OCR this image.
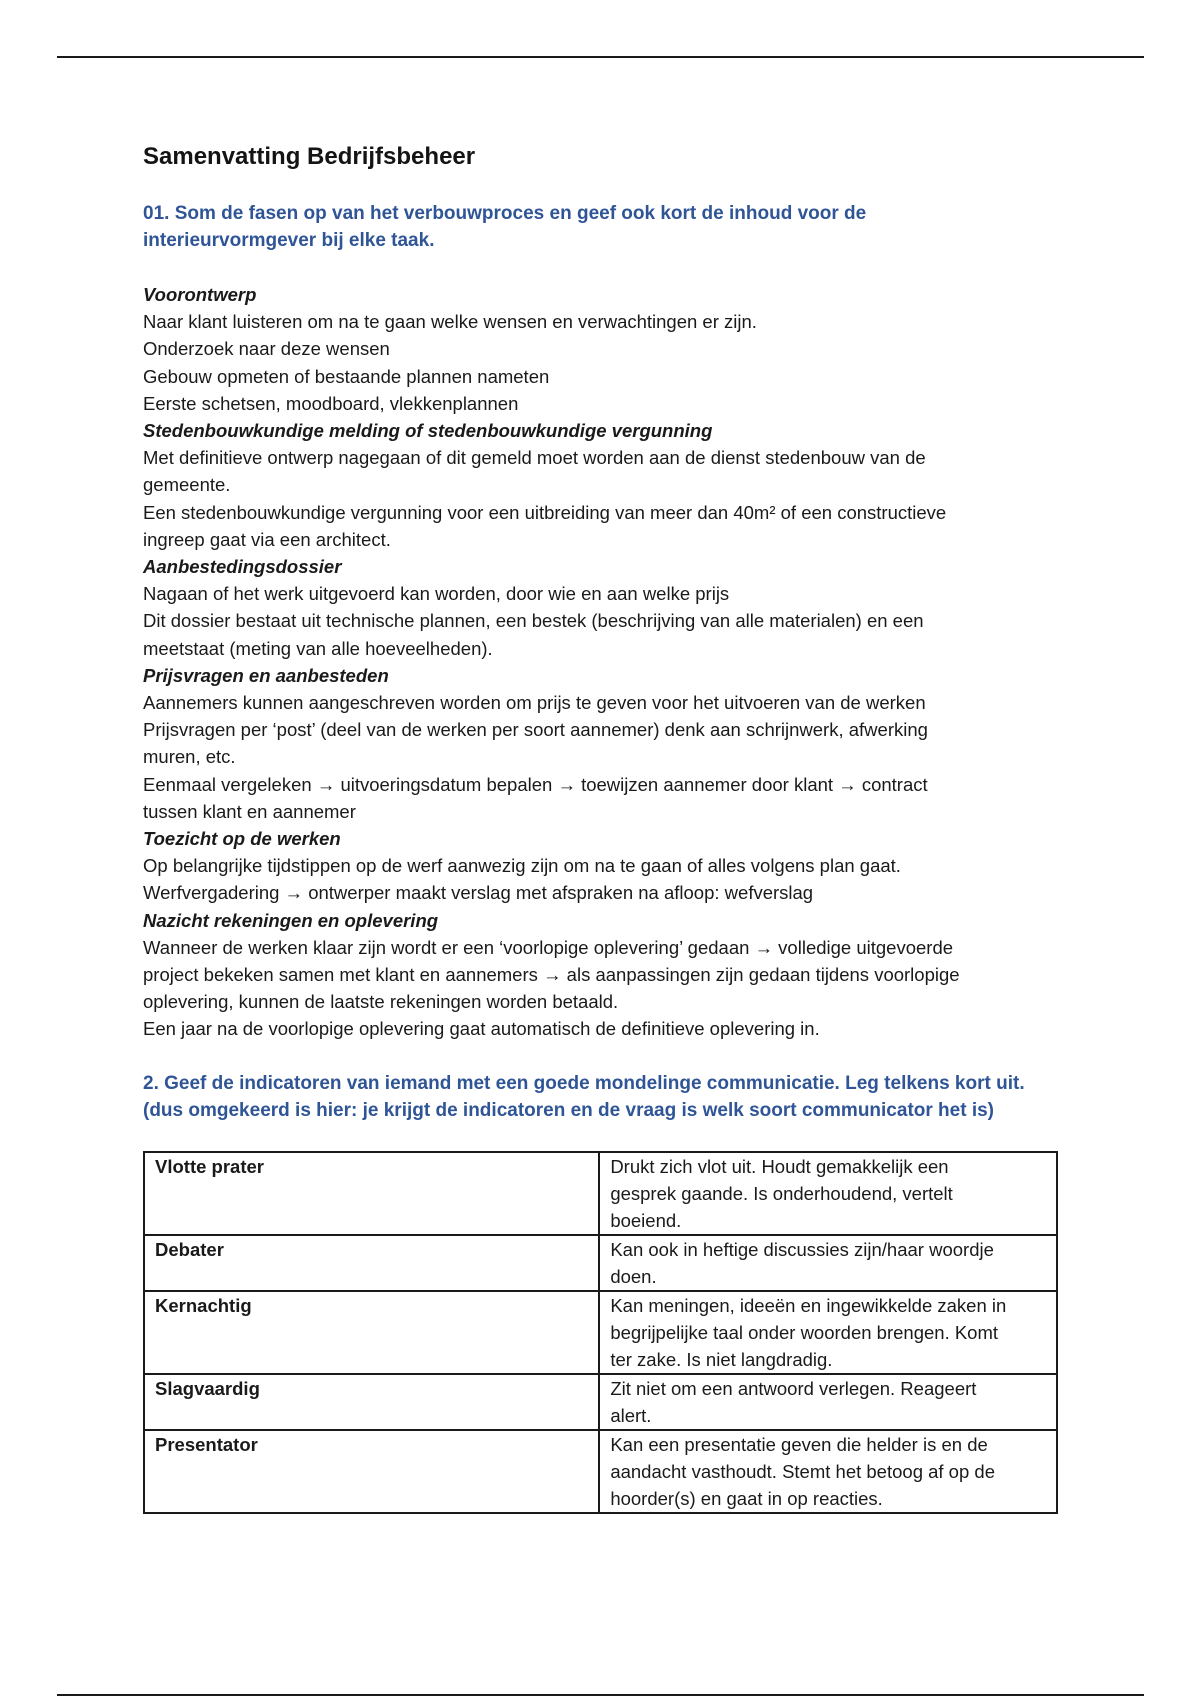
Samenvatting Bedrijfsbeheer

01. Som de fasen op van het verbouwproces en geef ook kort de inhoud voor de
interieurvormgever bij elke taak.

Voorontwerp
Naar klant luisteren om na te gaan welke wensen en verwachtingen er zijn.
Onderzoek naar deze wensen
Gebouw opmeten of bestaande plannen nameten
Eerste schetsen, moodboard, vlekkenplannen
Stedenbouwkundige melding of stedenbouwkundige vergunning
Met definitieve ontwerp nagegaan of dit gemeld moet worden aan de dienst stedenbouw van de
gemeente.
Een stedenbouwkundige vergunning voor een uitbreiding van meer dan 40m² of een constructieve
ingreep gaat via een architect.
Aanbestedingsdossier
Nagaan of het werk uitgevoerd kan worden, door wie en aan welke prijs
Dit dossier bestaat uit technische plannen, een bestek (beschrijving van alle materialen) en een
meetstaat (meting van alle hoeveelheden).
Prijsvragen en aanbesteden
Aannemers kunnen aangeschreven worden om prijs te geven voor het uitvoeren van de werken
Prijsvragen per ‘post’ (deel van de werken per soort aannemer) denk aan schrijnwerk, afwerking
muren, etc.
Eenmaal vergeleken → uitvoeringsdatum bepalen → toewijzen aannemer door klant → contract
tussen klant en aannemer
Toezicht op de werken
Op belangrijke tijdstippen op de werf aanwezig zijn om na te gaan of alles volgens plan gaat.
Werfvergadering → ontwerper maakt verslag met afspraken na afloop: wefverslag
Nazicht rekeningen en oplevering
Wanneer de werken klaar zijn wordt er een ‘voorlopige oplevering’ gedaan → volledige uitgevoerde
project bekeken samen met klant en aannemers → als aanpassingen zijn gedaan tijdens voorlopige
oplevering, kunnen de laatste rekeningen worden betaald.
Een jaar na de voorlopige oplevering gaat automatisch de definitieve oplevering in.

2. Geef de indicatoren van iemand met een goede mondelinge communicatie. Leg telkens kort uit.
(dus omgekeerd is hier: je krijgt de indicatoren en de vraag is welk soort communicator het is)

Vlotte prater	Drukt zich vlot uit. Houdt gemakkelijk een
gesprek gaande. Is onderhoudend, vertelt
boeiend.

Debater	Kan ook in heftige discussies zijn/haar woordje
doen.

Kernachtig	Kan meningen, ideeën en ingewikkelde zaken in
begrijpelijke taal onder woorden brengen. Komt
ter zake. Is niet langdradig.

Slagvaardig	Zit niet om een antwoord verlegen. Reageert
alert.

Presentator	Kan een presentatie geven die helder is en de
aandacht vasthoudt. Stemt het betoog af op de
hoorder(s) en gaat in op reacties.
